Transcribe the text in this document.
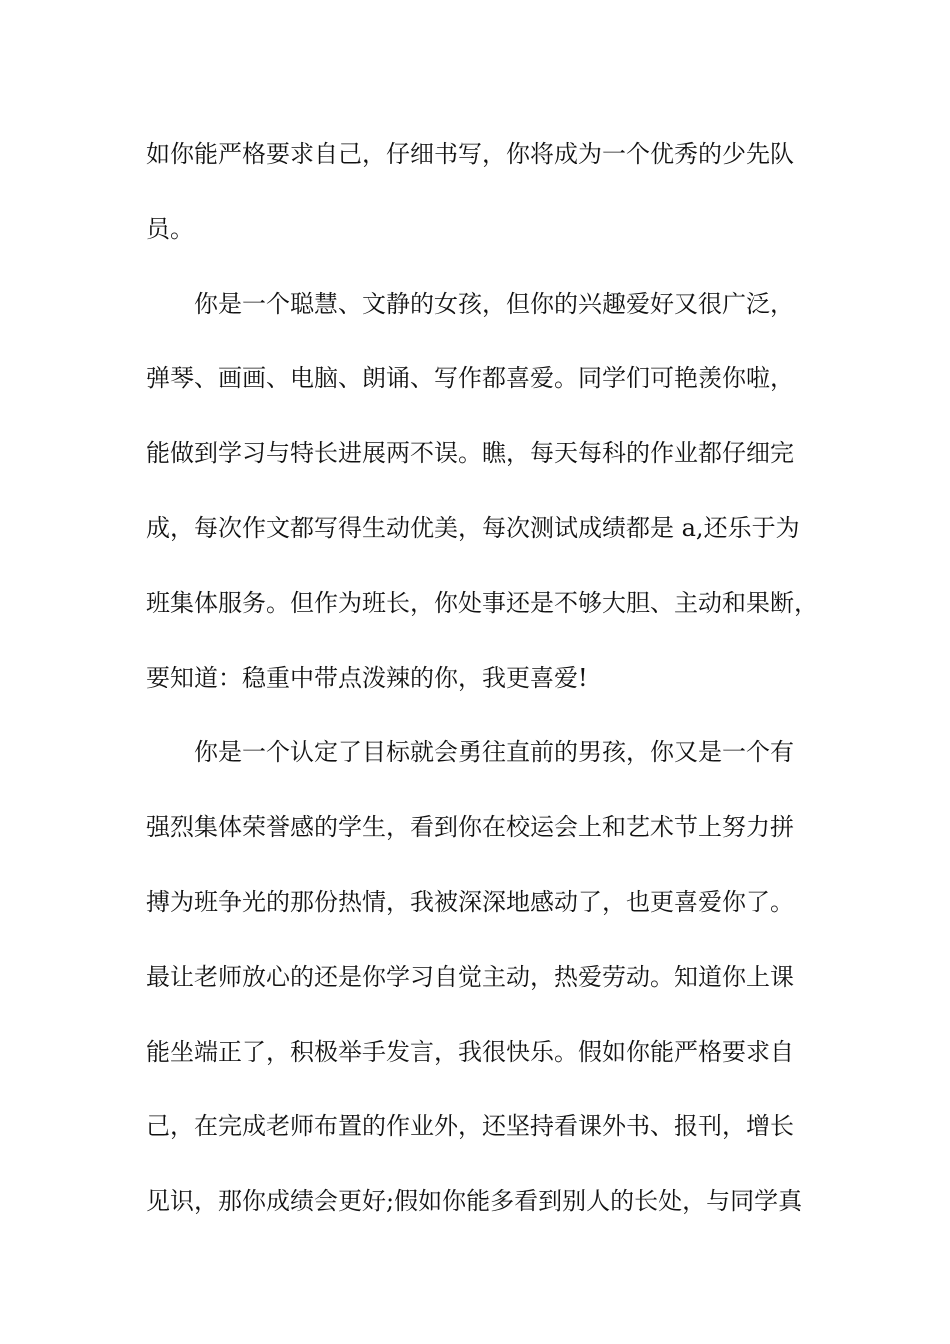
如你能严格要求自己，仔细书写，你将成为一个优秀的少先队
员。
你是一个聪慧、文静的女孩，但你的兴趣爱好又很广泛，
弹琴、画画、电脑、朗诵、写作都喜爱。同学们可艳羡你啦，
能做到学习与特长进展两不误。瞧，每天每科的作业都仔细完
成，每次作文都写得生动优美，每次测试成绩都是 a,还乐于为
班集体服务。但作为班长，你处事还是不够大胆、主动和果断，
要知道：稳重中带点泼辣的你，我更喜爱!
你是一个认定了目标就会勇往直前的男孩，你又是一个有
强烈集体荣誉感的学生，看到你在校运会上和艺术节上努力拼
搏为班争光的那份热情，我被深深地感动了，也更喜爱你了。
最让老师放心的还是你学习自觉主动，热爱劳动。知道你上课
能坐端正了，积极举手发言，我很快乐。假如你能严格要求自
己，在完成老师布置的作业外，还坚持看课外书、报刊，增长
见识，那你成绩会更好;假如你能多看到别人的长处，与同学真
